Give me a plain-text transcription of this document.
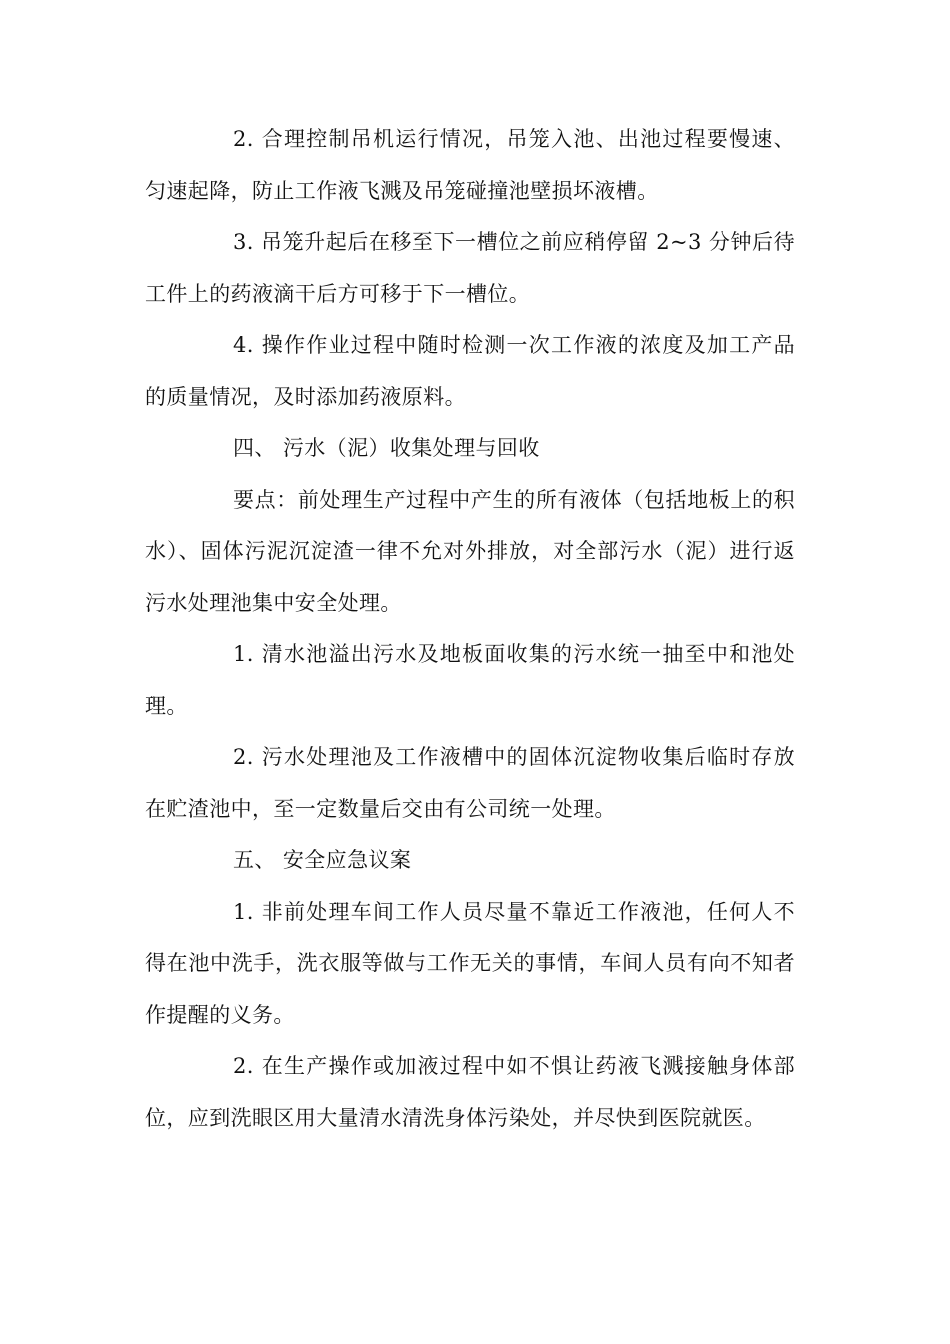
2. 合理控制吊机运行情况，吊笼入池、出池过程要慢速、匀速起降，防止工作液飞溅及吊笼碰撞池壁损坏液槽。

3. 吊笼升起后在移至下一槽位之前应稍停留 2~3 分钟后待工件上的药液滴干后方可移于下一槽位。

4. 操作作业过程中随时检测一次工作液的浓度及加工产品的质量情况，及时添加药液原料。

四、 污水（泥）收集处理与回收

要点：前处理生产过程中产生的所有液体（包括地板上的积水）、固体污泥沉淀渣一律不允对外排放，对全部污水（泥）进行返污水处理池集中安全处理。

1. 清水池溢出污水及地板面收集的污水统一抽至中和池处理。

2. 污水处理池及工作液槽中的固体沉淀物收集后临时存放在贮渣池中，至一定数量后交由有公司统一处理。

五、 安全应急议案

1. 非前处理车间工作人员尽量不靠近工作液池，任何人不得在池中洗手，洗衣服等做与工作无关的事情，车间人员有向不知者作提醒的义务。

2. 在生产操作或加液过程中如不惧让药液飞溅接触身体部位，应到洗眼区用大量清水清洗身体污染处，并尽快到医院就医。
